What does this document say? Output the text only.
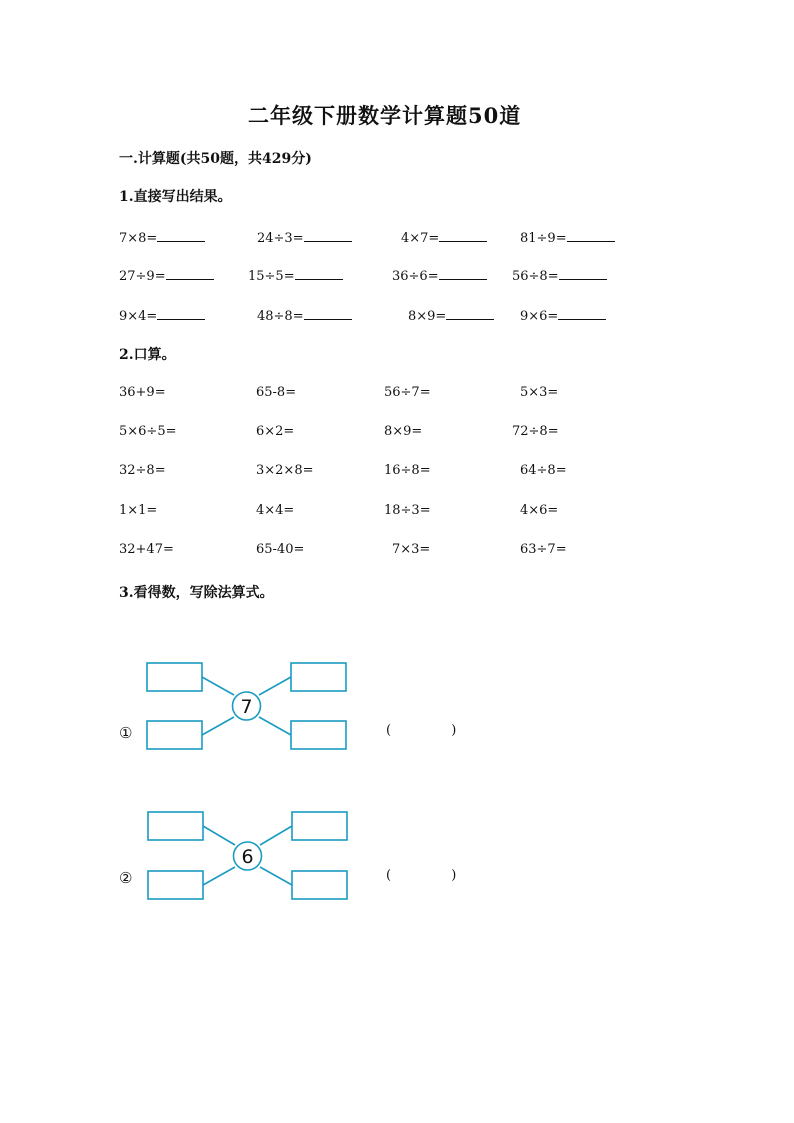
二年级下册数学计算题50道
一.计算题(共50题，共429分)
1.直接写出结果。
7×8=	24÷3=	4×7=	81÷9=
27÷9=	15÷5=	36÷6=	56÷8=
9×4=	48÷8=	8×9=	9×6=
2.口算。
36+9=	65-8=	56÷7=	5×3=
5×6÷5=	6×2=	8×9=	72÷8=
32÷8=	3×2×8=	16÷8=	64÷8=
1×1=	4×4=	18÷3=	4×6=
32+47=	65-40=	7×3=	63÷7=
3.看得数，写除法算式。
①
7
( )
②
6
( )
